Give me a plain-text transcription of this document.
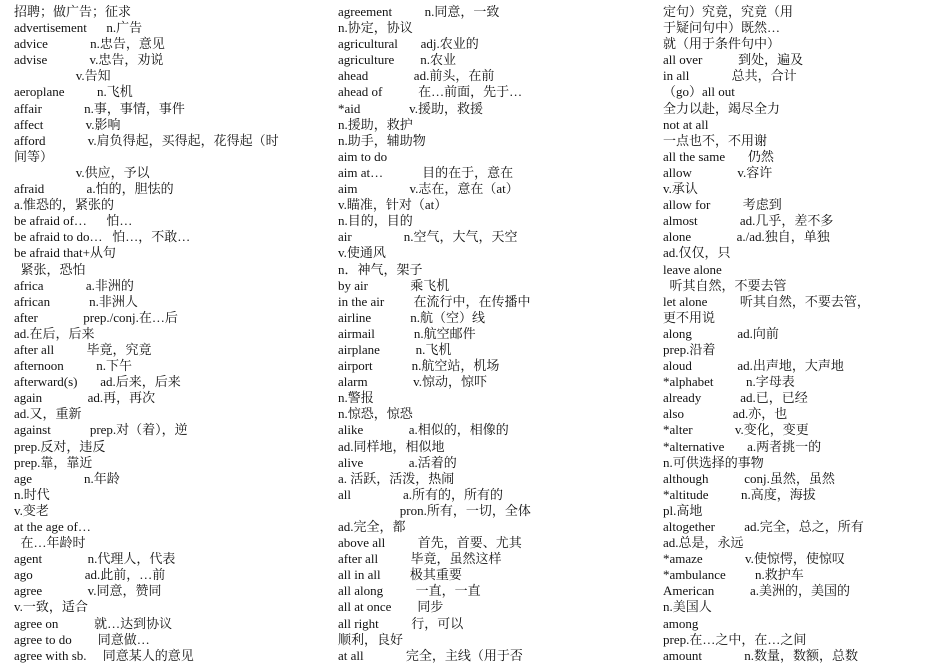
招聘；做广告；征求
advertisement      n.广告
advice             n.忠告，意见
advise             v.忠告，劝说
v.告知
aeroplane          n.飞机
affair             n.事，事情，事件
affect             v.影响
afford             v.肩负得起，买得起，花得起（时
间等）
v.供应，予以
afraid             a.怕的，胆怯的
a.惟恐的，紧张的
be afraid of…      怕…
be afraid to do…   怕…，不敢…
be afraid that+从句
紧张，恐怕
africa             a.非洲的
african            n.非洲人
after              prep./conj.在…后
ad.在后，后来
after all          毕竟，究竟
afternoon          n.下午
afterward(s)       ad.后来，后来
again              ad.再，再次
ad.又，重新
against            prep.对（着），逆
prep.反对，违反
prep.靠，靠近
age                n.年龄
n.时代
v.变老
at the age of…
在…年龄时
agent              n.代理人，代表
ago                ad.此前，…前
agree              v.同意，赞同
v.一致，适合
agree on           就…达到协议
agree to do        同意做…
agree with sb.     同意某人的意见
agreement          n.同意，一致
n.协定，协议
agricultural       adj.农业的
agriculture        n.农业
ahead              ad.前头，在前
ahead of           在…前面，先于…
*aid               v.援助，救援
n.援助，救护
n.助手，辅助物
aim to do
aim at…            目的在于，意在
aim                v.志在，意在（at）
v.瞄准，针对（at）
n.目的，目的
air                n.空气，大气，天空
v.使通风
n．神气，架子
by air             乘飞机
in the air         在流行中，在传播中
airline            n.航（空）线
airmail            n.航空邮件
airplane           n.飞机
airport            n.航空站，机场
alarm              v.惊动，惊吓
n.警报
n.惊恐，惊恐
alike              a.相似的，相像的
ad.同样地，相似地
alive              a.活着的
a. 活跃，活泼，热闹
all                a.所有的，所有的
pron.所有，一切，全体
ad.完全，都
above all          首先，首要、尤其
after all          毕竟，虽然这样
all in all         极其重要
all along          一直，一直
all at once        同步
all right          行，可以
顺利，良好
at all             完全，主线（用于否
定句）究竟，究竟（用
于疑问句中）既然…
就（用于条件句中）
all over           到处，遍及
in all             总共，合计
（go）all out
全力以赴，竭尽全力
not at all
一点也不，不用谢
all the same       仍然
allow              v.容许
v.承认
allow for          考虑到
almost             ad.几乎，差不多
alone              a./ad.独自，单独
ad.仅仅，只
leave alone
听其自然，不要去管
let alone          听其自然，不要去管，
更不用说
along              ad.向前
prep.沿着
aloud              ad.出声地，大声地
*alphabet          n.字母表
already            ad.已，已经
also               ad.亦，也
*alter             v.变化，变更
*alternative       a.两者挑一的
n.可供选择的事物
although           conj.虽然，虽然
*altitude          n.高度，海拔
pl.高地
altogether         ad.完全，总之，所有
ad.总是，永远
*amaze             v.使惊愕，使惊叹
*ambulance         n.救护车
American           a.美洲的，美国的
n.美国人
among
prep.在…之中，在…之间
amount             n.数量，数额，总数
